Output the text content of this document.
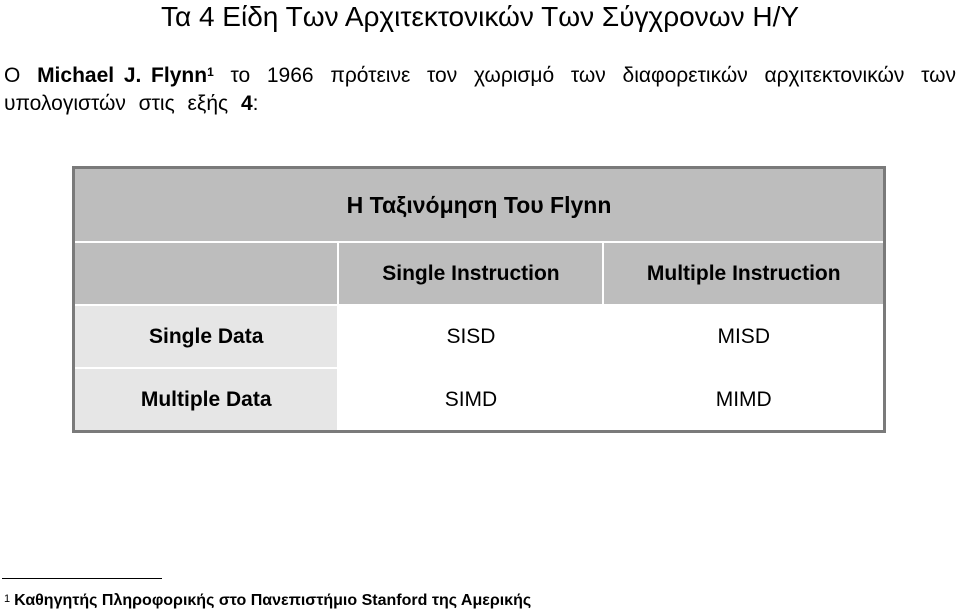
Τα 4 Είδη Των Αρχιτεκτονικών Των Σύγχρονων Η/Υ

Ο Michael J. Flynn$^1$ το 1966 πρότεινε τον χωρισμό των διαφορετικών αρχιτεκτονικών των υπολογιστών στις εξής 4:

Η Ταξινόμηση Του Flynn		
	Single Instruction	Multiple Instruction
Single Data	SISD	MISD
Multiple Data	SIMD	MIMD
$^1$ Καθηγητής Πληροφορικής στο Πανεπιστήμιο Stanford της Αμερικής
